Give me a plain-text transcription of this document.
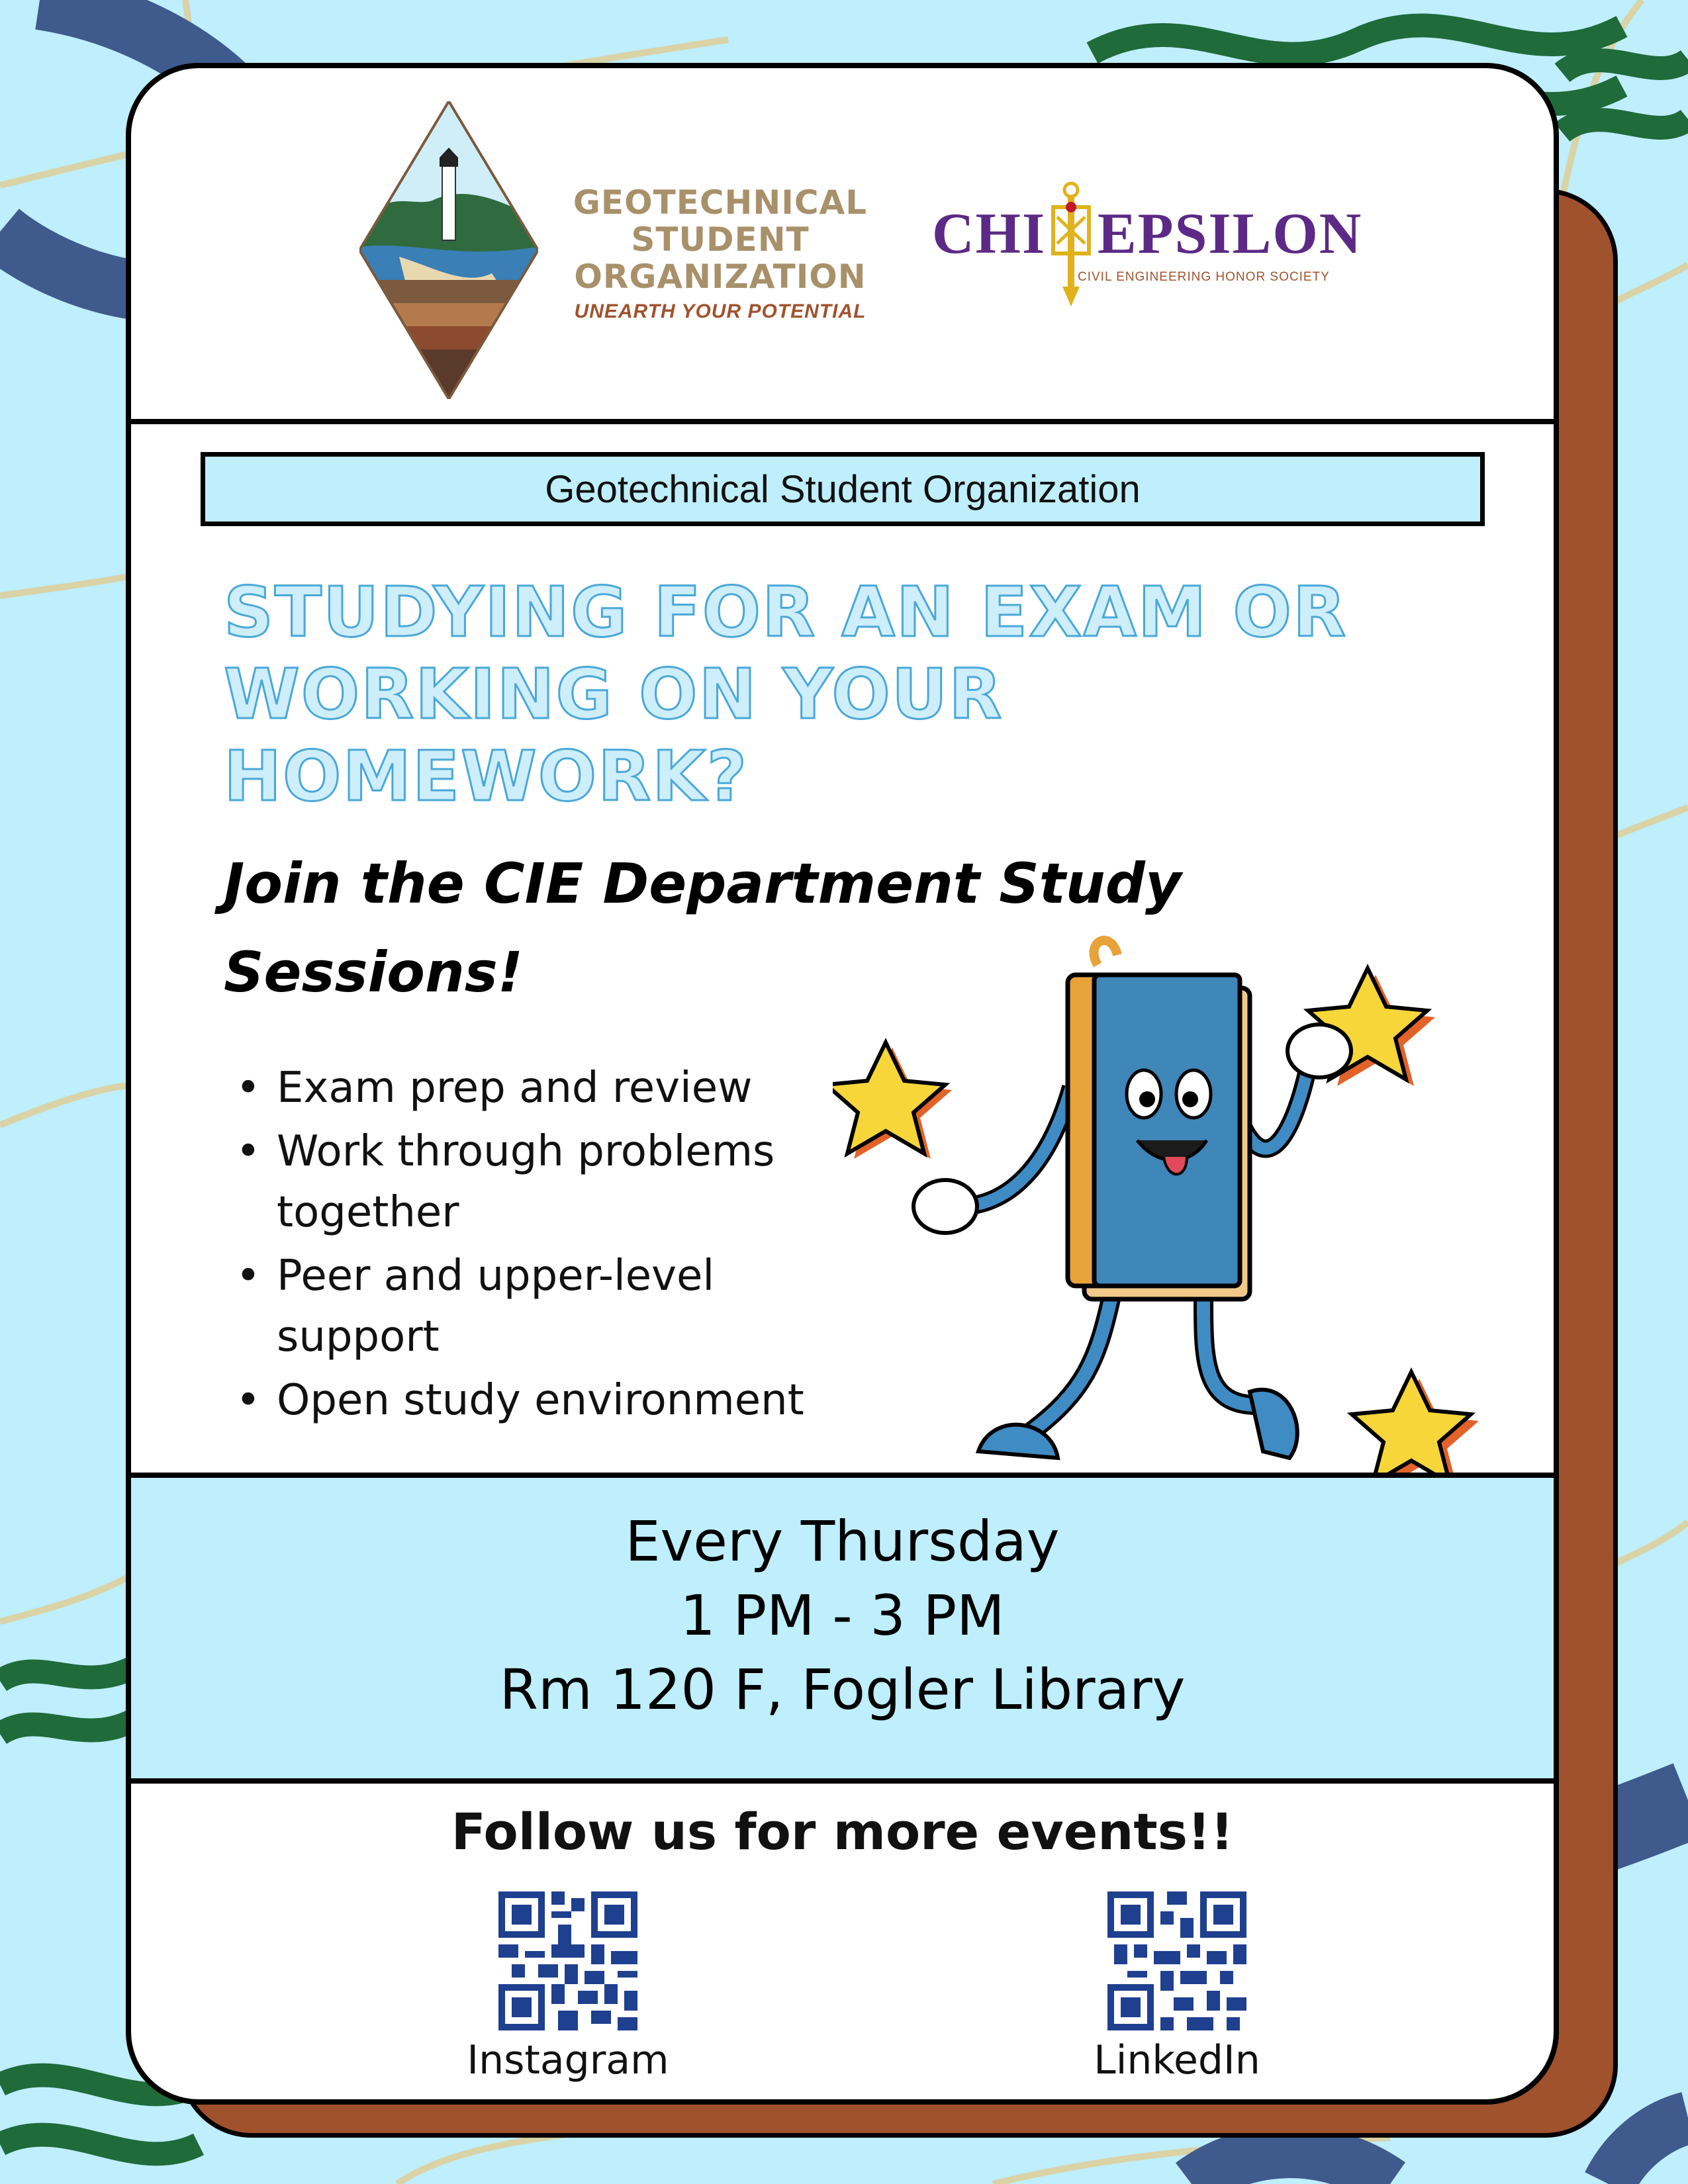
GEOTECHNICAL
STUDENT
ORGANIZATION
UNEARTH YOUR POTENTIAL
CHI EPSILON
CIVIL ENGINEERING HONOR SOCIETY
Geotechnical Student Organization
STUDYING FOR AN EXAM OR
WORKING ON YOUR
HOMEWORK?
Join the CIE Department Study
Sessions!
• Exam prep and review
• Work through problems together
• Peer and upper-level support
• Open study environment
Every Thursday
1 PM - 3 PM
Rm 120 F, Fogler Library
Follow us for more events!!
Instagram	LinkedIn
